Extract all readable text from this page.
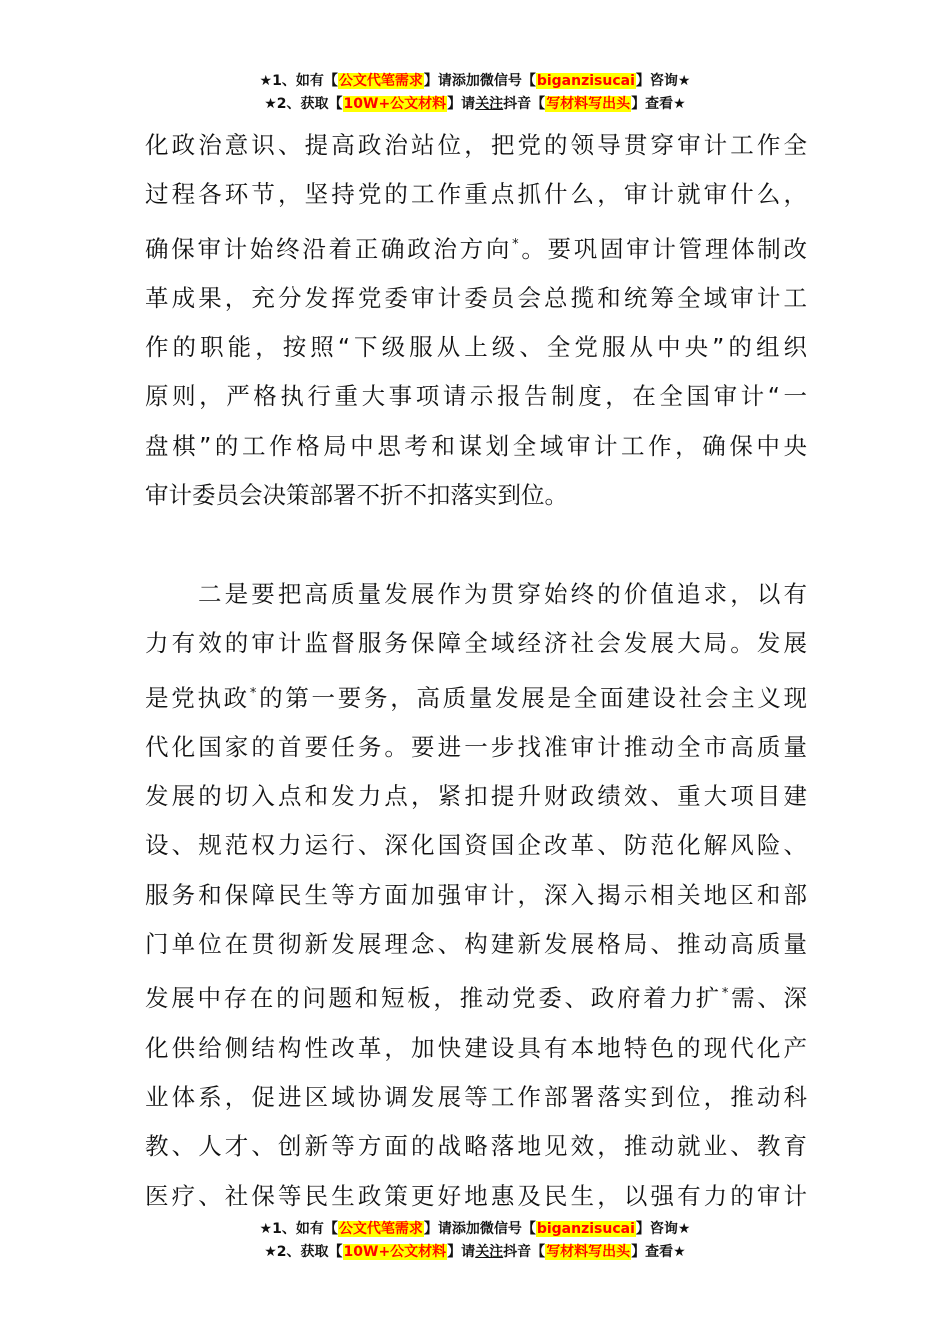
★1、如有【公文代笔需求】请添加微信号【biganzisucai】咨询★
★2、获取【10W+公文材料】请关注抖音【写材料写出头】查看★
化政治意识、提高政治站位，把党的领导贯穿审计工作全
过程各环节，坚持党的工作重点抓什么，审计就审什么，
确保审计始终沿着正确政治方向*。要巩固审计管理体制改
革成果，充分发挥党委审计委员会总揽和统筹全域审计工
作的职能，按照“下级服从上级、全党服从中央”的组织
原则，严格执行重大事项请示报告制度，在全国审计“一
盘棋”的工作格局中思考和谋划全域审计工作，确保中央
审计委员会决策部署不折不扣落实到位。
二是要把高质量发展作为贯穿始终的价值追求，以有
力有效的审计监督服务保障全域经济社会发展大局。发展
是党执政*的第一要务，高质量发展是全面建设社会主义现
代化国家的首要任务。要进一步找准审计推动全市高质量
发展的切入点和发力点，紧扣提升财政绩效、重大项目建
设、规范权力运行、深化国资国企改革、防范化解风险、
服务和保障民生等方面加强审计，深入揭示相关地区和部
门单位在贯彻新发展理念、构建新发展格局、推动高质量
发展中存在的问题和短板，推动党委、政府着力扩*需、深
化供给侧结构性改革，加快建设具有本地特色的现代化产
业体系，促进区域协调发展等工作部署落实到位，推动科
教、人才、创新等方面的战略落地见效，推动就业、教育
医疗、社保等民生政策更好地惠及民生，以强有力的审计
★1、如有【公文代笔需求】请添加微信号【biganzisucai】咨询★
★2、获取【10W+公文材料】请关注抖音【写材料写出头】查看★
